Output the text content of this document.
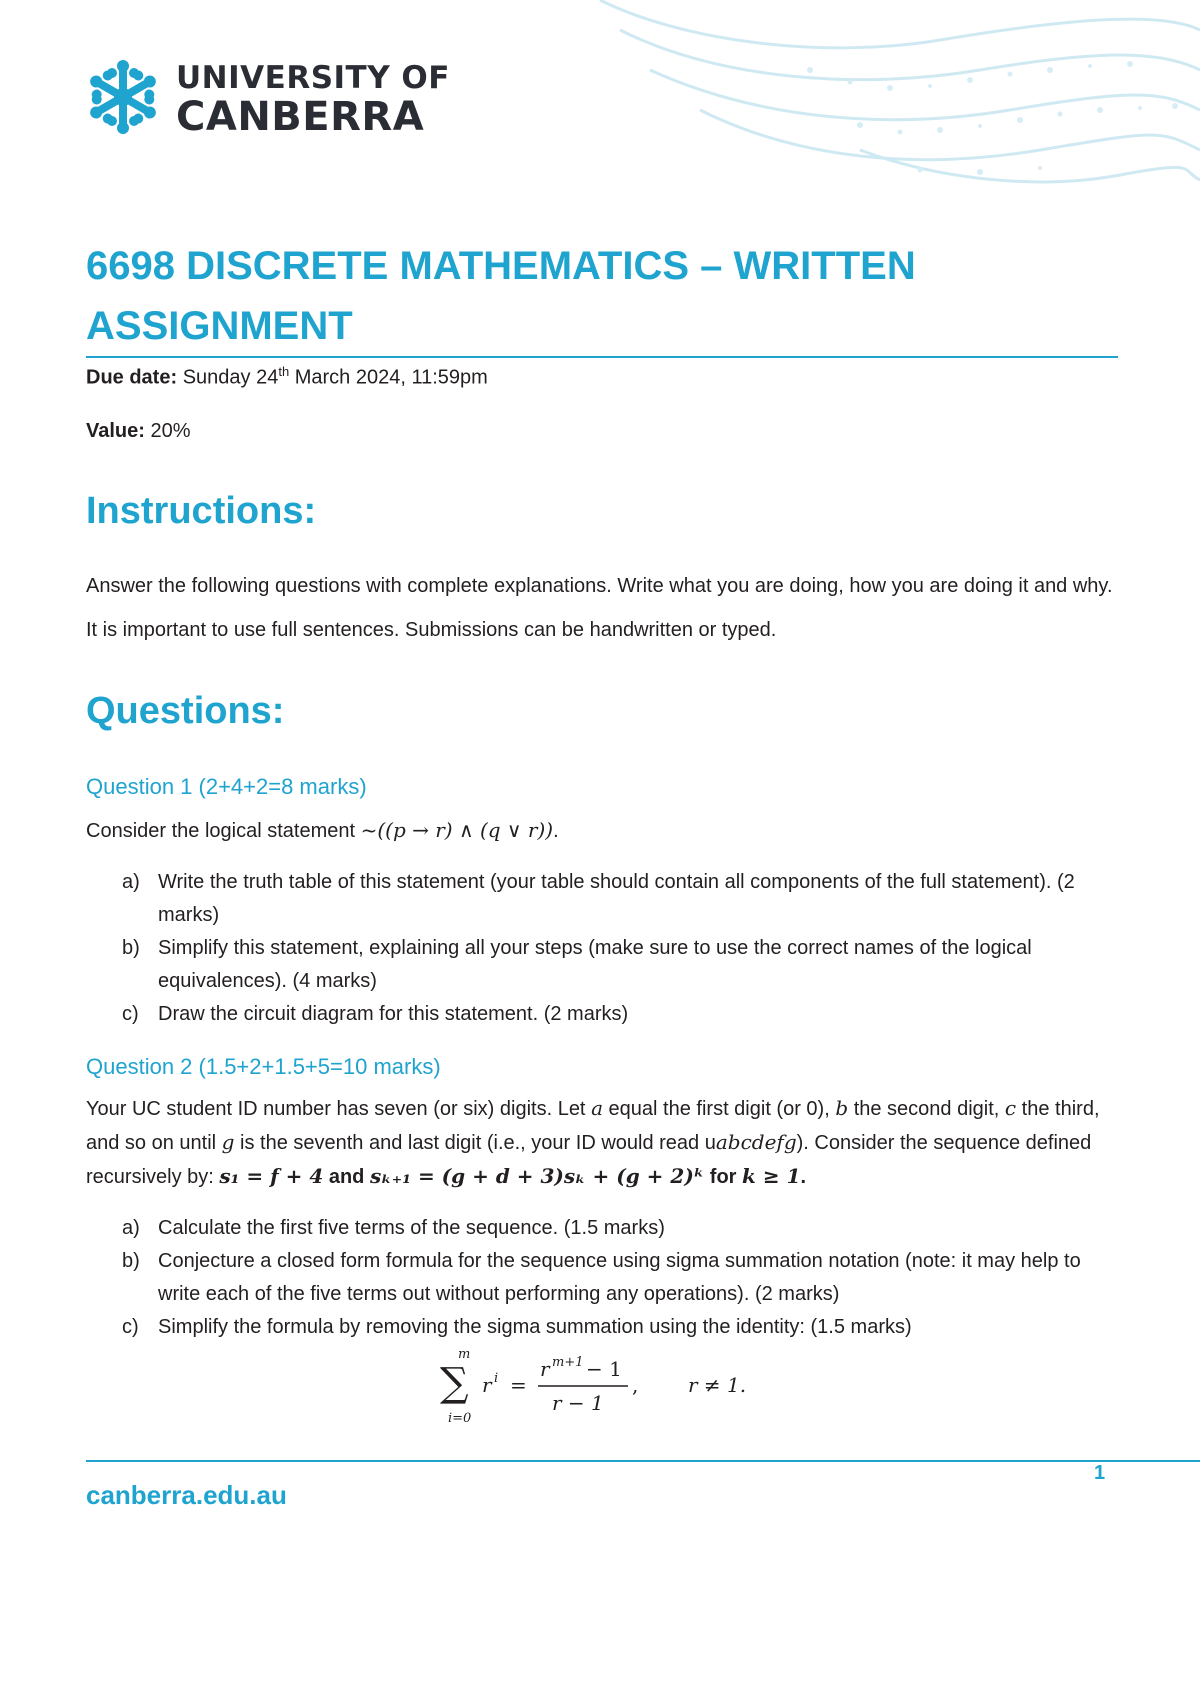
UNIVERSITY OF
CANBERRA
6698 DISCRETE MATHEMATICS – WRITTEN ASSIGNMENT
Due date: Sunday 24th March 2024, 11:59pm
Value: 20%
Instructions:
Answer the following questions with complete explanations. Write what you are doing, how you are doing it and why. It is important to use full sentences. Submissions can be handwritten or typed.
Questions:
Question 1 (2+4+2=8 marks)
Consider the logical statement ~((p → r) ∧ (q ∨ r)).
a) Write the truth table of this statement (your table should contain all components of the full statement). (2 marks)
b) Simplify this statement, explaining all your steps (make sure to use the correct names of the logical equivalences). (4 marks)
c) Draw the circuit diagram for this statement. (2 marks)
Question 2 (1.5+2+1.5+5=10 marks)
Your UC student ID number has seven (or six) digits. Let a equal the first digit (or 0), b the second digit, c the third, and so on until g is the seventh and last digit (i.e., your ID would read uabcdefg). Consider the sequence defined recursively by: s₁ = f + 4 and sₖ₊₁ = (g + d + 3)sₖ + (g + 2)ᵏ for k ≥ 1.
a) Calculate the first five terms of the sequence. (1.5 marks)
b) Conjecture a closed form formula for the sequence using sigma summation notation (note: it may help to write each of the five terms out without performing any operations). (2 marks)
c) Simplify the formula by removing the sigma summation using the identity: (1.5 marks)
m
∑
i=0
r i =
r m+1 − 1
r − 1
, r ≠ 1.
canberra.edu.au
1
